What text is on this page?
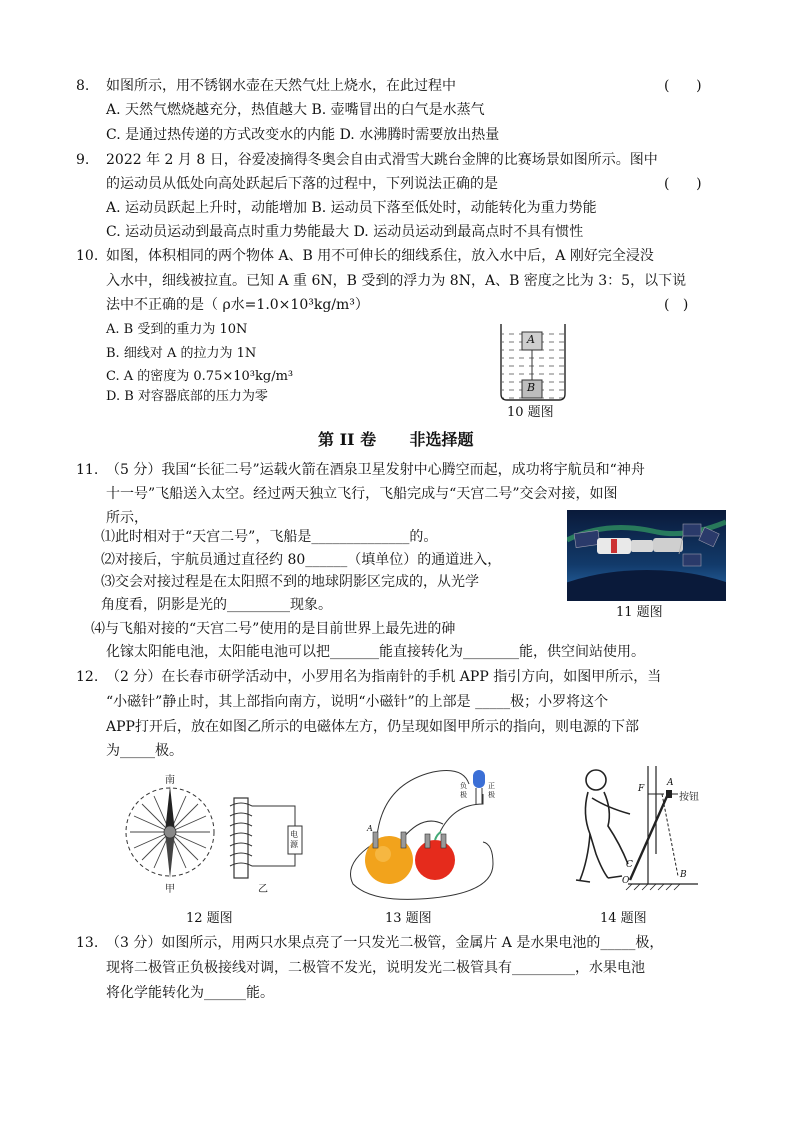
8. 如图所示，用不锈钢水壶在天然气灶上烧水，在此过程中	(      )
A. 天然气燃烧越充分，热值越大 B. 壶嘴冒出的白气是水蒸气
C. 是通过热传递的方式改变水的内能 D. 水沸腾时需要放出热量
9. 2022 年 2 月 8 日，谷爱凌摘得冬奥会自由式滑雪大跳台金牌的比赛场景如图所示。图中
的运动员从低处向高处跃起后下落的过程中，下列说法正确的是	(      )
A. 运动员跃起上升时，动能增加 B. 运动员下落至低处时，动能转化为重力势能
C. 运动员运动到最高点时重力势能最大 D. 运动员运动到最高点时不具有惯性
10. 如图，体积相同的两个物体 A、B 用不可伸长的细线系住，放入水中后，A 刚好完全浸没
入水中，细线被拉直。已知 A 重 6N，B 受到的浮力为 8N，A、B 密度之比为 3：5，以下说
法中不正确的是（ ρ水=1.0×10³kg/m³）	(   )
A. B 受到的重力为 10N
B. 细线对 A 的拉力为 1N
C. A 的密度为 0.75×10³kg/m³
D. B 对容器底部的压力为零
A
B
10 题图
第 II 卷      非选择题
11. （5 分）我国“长征二号”运载火箭在酒泉卫星发射中心腾空而起，成功将宇航员和“神舟
十一号”飞船送入太空。经过两天独立飞行，飞船完成与“天宫二号”交会对接，如图
所示，
⑴此时相对于“天宫二号”，飞船是______________的。
⑵对接后，宇航员通过直径约 80______（填单位）的通道进入，
⑶交会对接过程是在太阳照不到的地球阴影区完成的，从光学
角度看，阴影是光的_________现象。
⑷与飞船对接的“天宫二号”使用的是目前世界上最先进的砷
化镓太阳能电池，太阳能电池可以把_______能直接转化为________能，供空间站使用。
11 题图
12. （2 分）在长春市研学活动中，小罗用名为指南针的手机 APP 指引方向，如图甲所示，当
“小磁针”静止时，其上部指向南方，说明“小磁针”的上部是 _____极；小罗将这个
APP打开后，放在如图乙所示的电磁体左方，仍呈现如图甲所示的指向，则电源的下部
为_____极。
南
甲	乙
电源
12 题图
A
负极
正极
13 题图
F
A
按钮
C
O
B
14 题图
13. （3 分）如图所示，用两只水果点亮了一只发光二极管，金属片 A 是水果电池的_____极，
现将二极管正负极接线对调，二极管不发光，说明发光二极管具有_________，水果电池
将化学能转化为______能。
